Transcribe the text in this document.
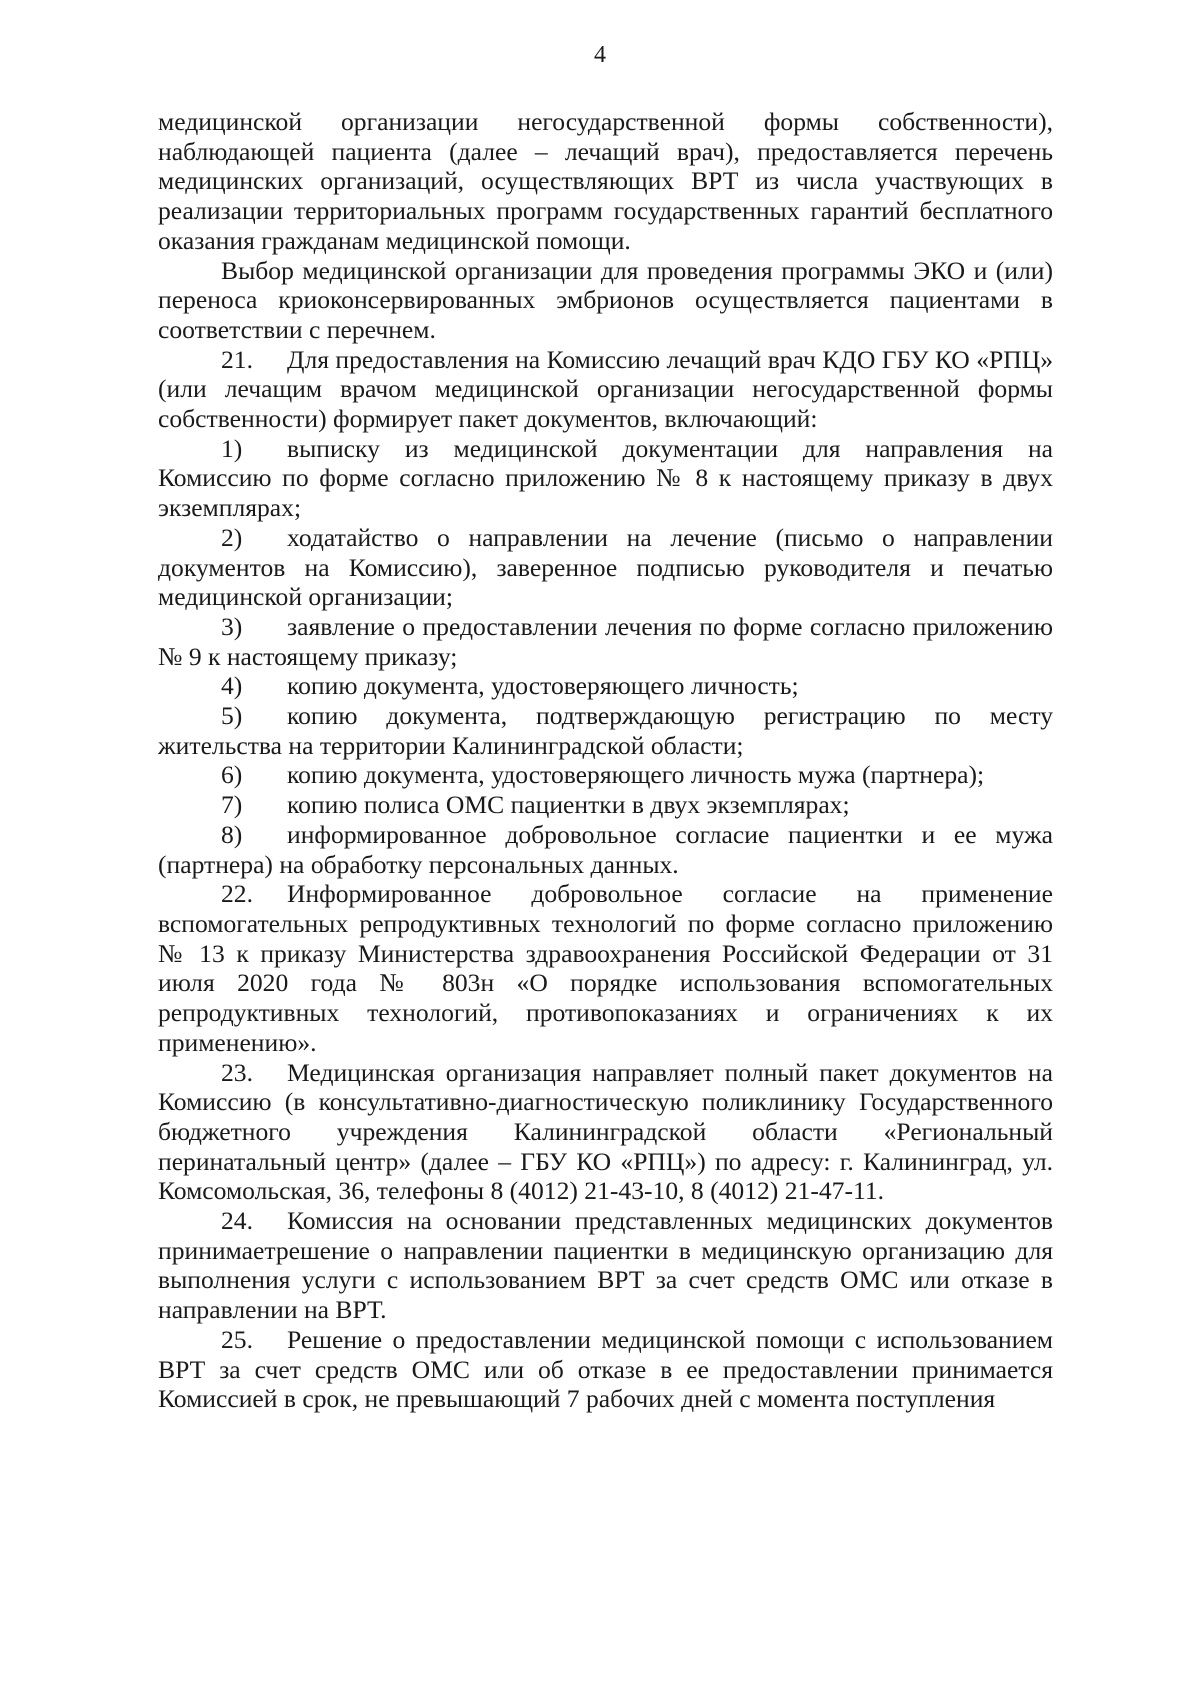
4

медицинской организации негосударственной формы собственности), наблюдающей пациента (далее – лечащий врач), предоставляется перечень медицинских организаций, осуществляющих ВРТ из числа участвующих в реализации территориальных программ государственных гарантий бесплатного оказания гражданам медицинской помощи.

Выбор медицинской организации для проведения программы ЭКО и (или) переноса криоконсервированных эмбрионов осуществляется пациентами в соответствии с перечнем.

21. Для предоставления на Комиссию лечащий врач КДО ГБУ КО «РПЦ» (или лечащим врачом медицинской организации негосударственной формы собственности) формирует пакет документов, включающий:

1) выписку из медицинской документации для направления на Комиссию по форме согласно приложению № 8 к настоящему приказу в двух экземплярах;

2) ходатайство о направлении на лечение (письмо о направлении документов на Комиссию), заверенное подписью руководителя и печатью медицинской организации;

3) заявление о предоставлении лечения по форме согласно приложению № 9 к настоящему приказу;

4) копию документа, удостоверяющего личность;

5) копию документа, подтверждающую регистрацию по месту жительства на территории Калининградской области;

6) копию документа, удостоверяющего личность мужа (партнера);

7) копию полиса ОМС пациентки в двух экземплярах;

8) информированное добровольное согласие пациентки и ее мужа (партнера) на обработку персональных данных.

22. Информированное добровольное согласие на применение вспомогательных репродуктивных технологий по форме согласно приложению № 13 к приказу Министерства здравоохранения Российской Федерации от 31 июля 2020 года № 803н «О порядке использования вспомогательных репродуктивных технологий, противопоказаниях и ограничениях к их применению».

23. Медицинская организация направляет полный пакет документов на Комиссию (в консультативно-диагностическую поликлинику Государственного бюджетного учреждения Калининградской области «Региональный перинатальный центр» (далее – ГБУ КО «РПЦ») по адресу: г. Калининград, ул. Комсомольская, 36, телефоны 8 (4012) 21-43-10, 8 (4012) 21-47-11.

24. Комиссия на основании представленных медицинских документов принимаетрешение о направлении пациентки в медицинскую организацию для выполнения услуги с использованием ВРТ за счет средств ОМС или отказе в направлении на ВРТ.

25. Решение о предоставлении медицинской помощи с использованием ВРТ за счет средств ОМС или об отказе в ее предоставлении принимается Комиссией в срок, не превышающий 7 рабочих дней с момента поступления
